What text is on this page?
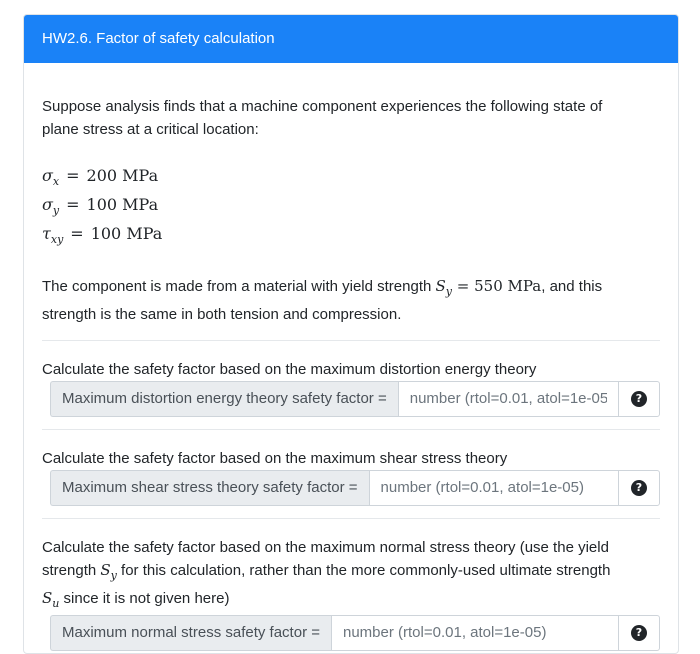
HW2.6. Factor of safety calculation

Suppose analysis finds that a machine component experiences the following state of
plane stress at a critical location:

$\sigma_x = 200$ MPa
$\sigma_y = 100$ MPa
$\tau_{xy} = 100$ MPa

The component is made from a material with yield strength $S_y = 550$ MPa, and this
strength is the same in both tension and compression.

Calculate the safety factor based on the maximum distortion energy theory

Maximum distortion energy theory safety factor =
number (rtol=0.01, atol=1e-05)	?

Calculate the safety factor based on the maximum shear stress theory

Maximum shear stress theory safety factor =
number (rtol=0.01, atol=1e-05)	?

Calculate the safety factor based on the maximum normal stress theory (use the yield
strength $S_y$ for this calculation, rather than the more commonly-used ultimate strength
$S_u$ since it is not given here)

Maximum normal stress safety factor =
number (rtol=0.01, atol=1e-05)	?
